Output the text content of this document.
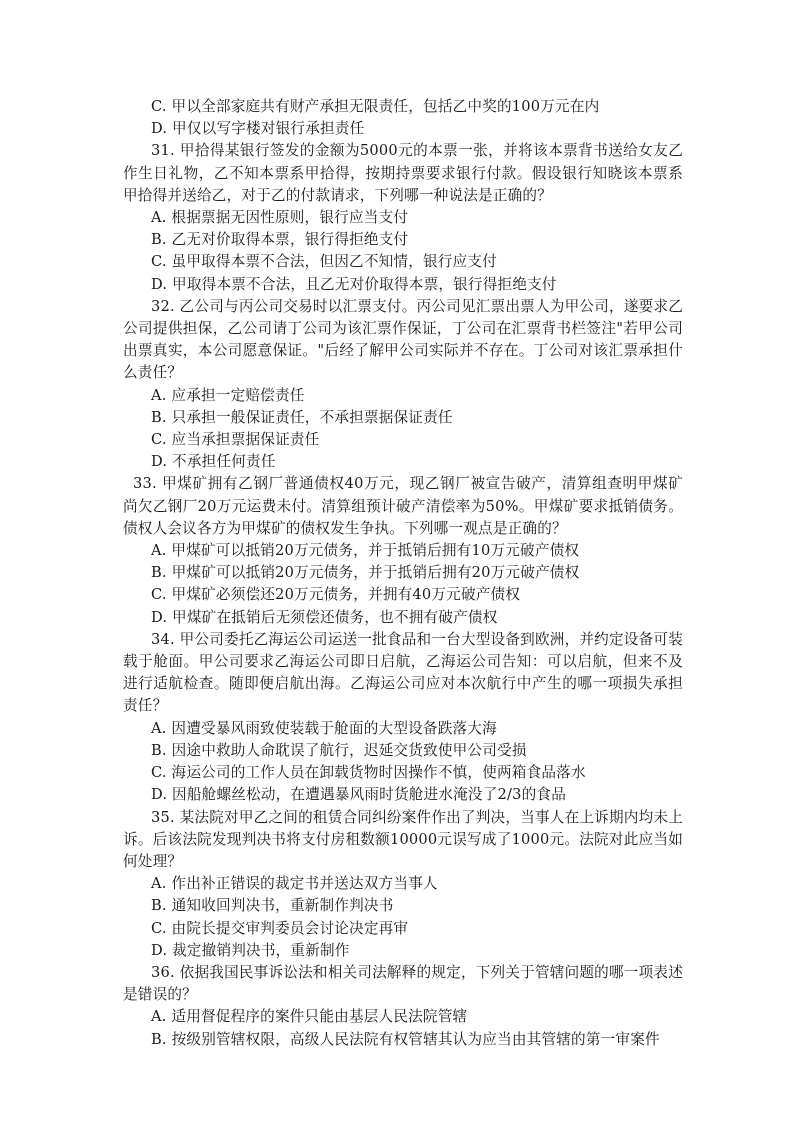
C. 甲以全部家庭共有财产承担无限责任，包括乙中奖的100万元在内

D. 甲仅以写字楼对银行承担责任

31. 甲拾得某银行签发的金额为5000元的本票一张，并将该本票背书送给女友乙作生日礼物，乙不知本票系甲拾得，按期持票要求银行付款。假设银行知晓该本票系甲拾得并送给乙，对于乙的付款请求，下列哪一种说法是正确的？

A. 根据票据无因性原则，银行应当支付

B. 乙无对价取得本票，银行得拒绝支付

C. 虽甲取得本票不合法，但因乙不知情，银行应支付

D. 甲取得本票不合法，且乙无对价取得本票，银行得拒绝支付

32. 乙公司与丙公司交易时以汇票支付。丙公司见汇票出票人为甲公司，遂要求乙公司提供担保，乙公司请丁公司为该汇票作保证，丁公司在汇票背书栏签注"若甲公司出票真实，本公司愿意保证。"后经了解甲公司实际并不存在。丁公司对该汇票承担什么责任？

A. 应承担一定赔偿责任

B. 只承担一般保证责任，不承担票据保证责任

C. 应当承担票据保证责任

D. 不承担任何责任

33. 甲煤矿拥有乙钢厂普通债权40万元，现乙钢厂被宣告破产，清算组查明甲煤矿尚欠乙钢厂20万元运费未付。清算组预计破产清偿率为50%。甲煤矿要求抵销债务。债权人会议各方为甲煤矿的债权发生争执。下列哪一观点是正确的？

A. 甲煤矿可以抵销20万元债务，并于抵销后拥有10万元破产债权

B. 甲煤矿可以抵销20万元债务，并于抵销后拥有20万元破产债权

C. 甲煤矿必须偿还20万元债务，并拥有40万元破产债权

D. 甲煤矿在抵销后无须偿还债务，也不拥有破产债权

34. 甲公司委托乙海运公司运送一批食品和一台大型设备到欧洲，并约定设备可装载于舱面。甲公司要求乙海运公司即日启航，乙海运公司告知：可以启航，但来不及进行适航检查。随即便启航出海。乙海运公司应对本次航行中产生的哪一项损失承担责任？

A. 因遭受暴风雨致使装载于舱面的大型设备跌落大海

B. 因途中救助人命耽误了航行，迟延交货致使甲公司受损

C. 海运公司的工作人员在卸载货物时因操作不慎，使两箱食品落水

D. 因船舱螺丝松动，在遭遇暴风雨时货舱进水淹没了2/3的食品

35. 某法院对甲乙之间的租赁合同纠纷案件作出了判决，当事人在上诉期内均未上诉。后该法院发现判决书将支付房租数额10000元误写成了1000元。法院对此应当如何处理？

A. 作出补正错误的裁定书并送达双方当事人

B. 通知收回判决书，重新制作判决书

C. 由院长提交审判委员会讨论决定再审

D. 裁定撤销判决书，重新制作

36. 依据我国民事诉讼法和相关司法解释的规定，下列关于管辖问题的哪一项表述是错误的？

A. 适用督促程序的案件只能由基层人民法院管辖

B. 按级别管辖权限，高级人民法院有权管辖其认为应当由其管辖的第一审案件
